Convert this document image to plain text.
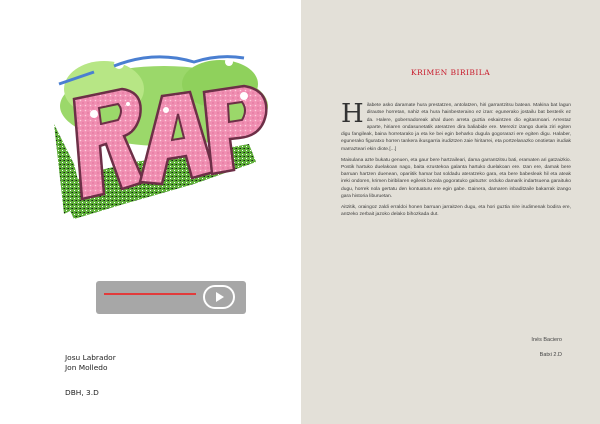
Josu Labrador
Jon Molledo
DBH, 3.D
KRIMEN BIRIBILA

Hilabete asko daramate hura prestatzen, antolatzen, hiri garrantzitsu batean. Makina bat lagun dirautse horretan, nahiz eta hura hainbesteraino ez izan: egunerako jostailu bat besterik ez da. Halere, gobernadoreak ahal duen arreta guztia eskaintzen dio egitasmoari. Arrestaz aparte, hiriaren ondasunetatik ateratzen dira baliabide ere. Mereziz izango duela ziri egiten digu fangileak, baina horretarako ja eta ke bei egin beharko dugula gogorarazi ere egiten digu. Halaber, egunerako figuratxo horren tankera ikusgarria irudiztzen zaie hiritarrei, eta portzelanazko onotietan irudiak marrazteari ekin diote.[...]

Maisulana azte bukatu genuen, eta gaur bere hartzaileari, dama garrantzitsu bati, eramaten ari gatzaizkio. Postik hartuko duelakoan nago, baita ezustekoa galanta hartuko duelakoan ere. Izan ere, damak bere barruan hartzen duenean, opariitik hamar bat soldadu ateratzeko gara, eta bere babesleak hil eta ateak ireki ondoren, krimen biribilaren egilesk bezala gogoratuko gaituzte: orduko damarik indartsuena garaituko dugu, horrek nola gertatu den kontuaturu ere egin gabe. Gainera, damaren inbaditzaile bakarrak izango gara historia liburuetan.

Aitzitik, oraingoz zaldi erraldoi honen barruan jarraitzen dugu, eta hori guztia nire irudimenak bodira ere, antzeko zerbait jazoko delako bihozkada dut.

Inés Baciero
Batxi 2.D
